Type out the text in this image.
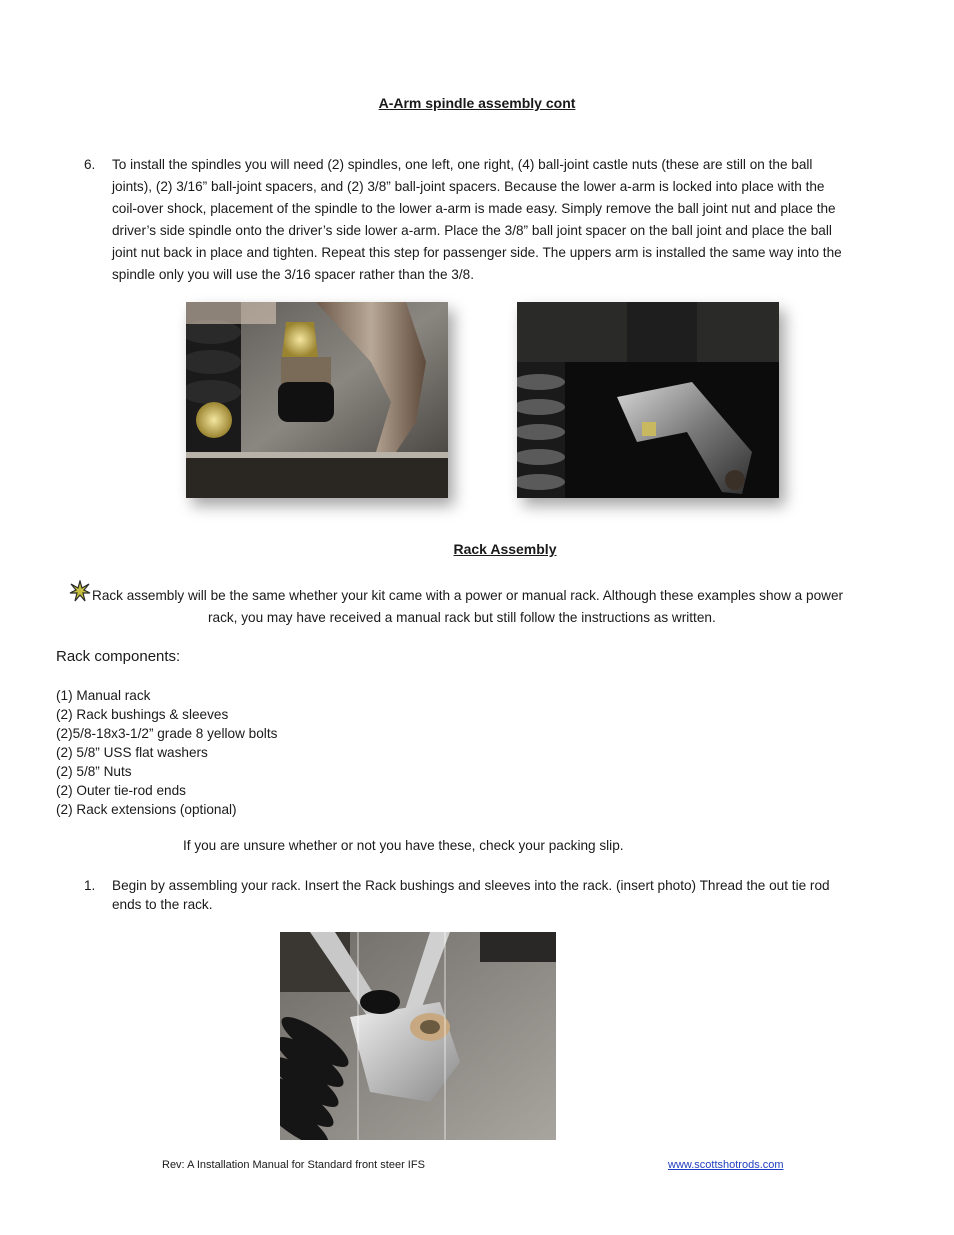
A-Arm spindle assembly cont
6. To install the spindles you will need (2) spindles, one left, one right, (4) ball-joint castle nuts (these are still on the ball
joints), (2) 3/16” ball-joint spacers, and (2) 3/8” ball-joint spacers. Because the lower a-arm is locked into place with the
coil-over shock, placement of the spindle to the lower a-arm is made easy. Simply remove the ball joint nut and place the
driver’s side spindle onto the driver’s side lower a-arm. Place the 3/8” ball joint spacer on the ball joint and place the ball
joint nut back in place and tighten. Repeat this step for passenger side. The uppers arm is installed the same way into the
spindle only you will use the 3/16 spacer rather than the 3/8.
Rack Assembly
Rack assembly will be the same whether your kit came with a power or manual rack. Although these examples show a power
rack, you may have received a manual rack but still follow the instructions as written.
Rack components:
(1) Manual rack
(2) Rack bushings & sleeves
(2)5/8-18x3-1/2” grade 8 yellow bolts
(2) 5/8” USS flat washers
(2) 5/8” Nuts
(2) Outer tie-rod ends
(2) Rack extensions (optional)
If you are unsure whether or not you have these, check your packing slip.
1. Begin by assembling your rack. Insert the Rack bushings and sleeves into the rack. (insert photo) Thread the out tie rod
ends to the rack.
Rev: A Installation Manual for Standard front steer IFS	www.scottshotrods.com
